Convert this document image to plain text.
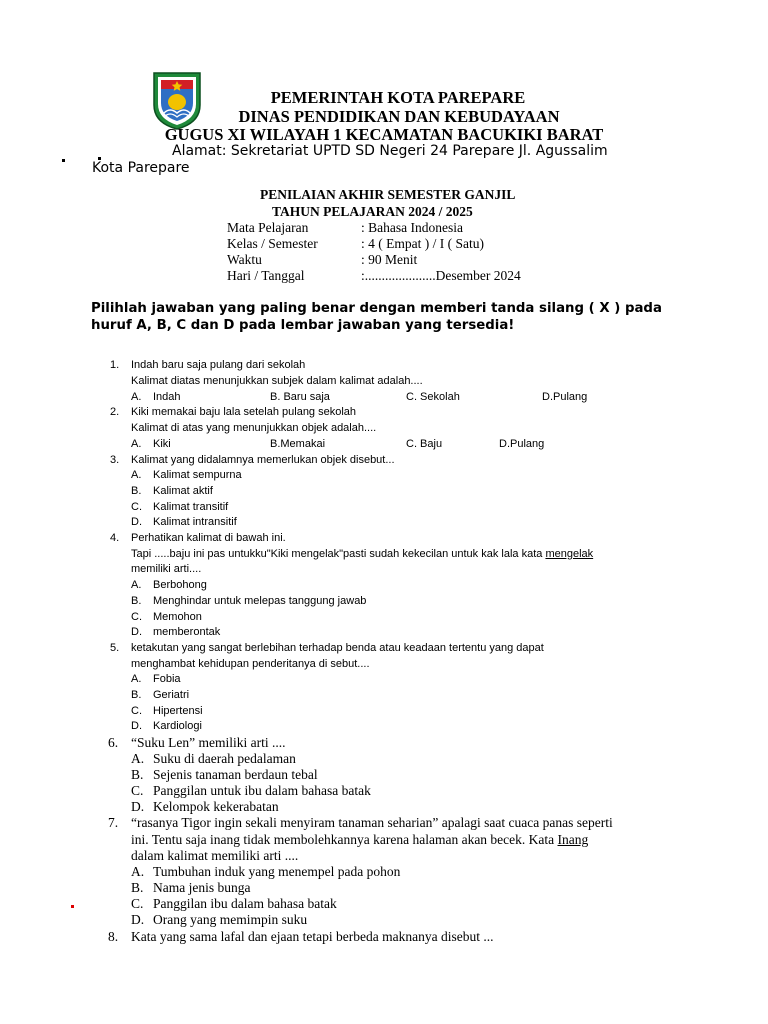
PEMERINTAH KOTA PAREPARE
DINAS PENDIDIKAN DAN KEBUDAYAAN
GUGUS XI WILAYAH 1 KECAMATAN BACUKIKI BARAT
Alamat: Sekretariat UPTD SD Negeri 24 Parepare Jl. Agussalim
Kota Parepare
PENILAIAN AKHIR SEMESTER GANJIL
TAHUN PELAJARAN 2024 / 2025
Mata Pelajaran	: Bahasa Indonesia
Kelas / Semester	: 4 ( Empat ) / I ( Satu)
Waktu	: 90 Menit
Hari / Tanggal	:.....................Desember 2024
Pilihlah jawaban yang paling benar dengan memberi tanda silang ( X ) pada huruf A, B, C dan D pada lembar jawaban yang tersedia!
1. Indah baru saja pulang dari sekolah
Kalimat diatas menunjukkan subjek dalam kalimat adalah....
A. Indah	B. Baru saja	C. Sekolah	D.Pulang
2. Kiki memakai baju lala setelah pulang sekolah
Kalimat di atas yang menunjukkan objek adalah....
A. Kiki	B.Memakai	C. Baju	D.Pulang
3. Kalimat yang didalamnya memerlukan objek disebut...
A. Kalimat sempurna
B. Kalimat aktif
C. Kalimat transitif
D. Kalimat intransitif
4. Perhatikan kalimat di bawah ini.
Tapi .....baju ini pas untukku"Kiki mengelak"pasti sudah kekecilan untuk kak lala kata mengelak
memiliki arti....
A. Berbohong
B. Menghindar untuk melepas tanggung jawab
C. Memohon
D. memberontak
5. ketakutan yang sangat berlebihan terhadap benda atau keadaan tertentu yang dapat
menghambat kehidupan penderitanya di sebut....
A. Fobia
B. Geriatri
C. Hipertensi
D. Kardiologi
6. “Suku Len” memiliki arti ....
A. Suku di daerah pedalaman
B. Sejenis tanaman berdaun tebal
C. Panggilan untuk ibu dalam bahasa batak
D. Kelompok kekerabatan
7. “rasanya Tigor ingin sekali menyiram tanaman seharian” apalagi saat cuaca panas seperti
ini. Tentu saja inang tidak membolehkannya karena halaman akan becek. Kata Inang
dalam kalimat memiliki arti ....
A. Tumbuhan induk yang menempel pada pohon
B. Nama jenis bunga
C. Panggilan ibu dalam bahasa batak
D. Orang yang memimpin suku
8. Kata yang sama lafal dan ejaan tetapi berbeda maknanya disebut ...
